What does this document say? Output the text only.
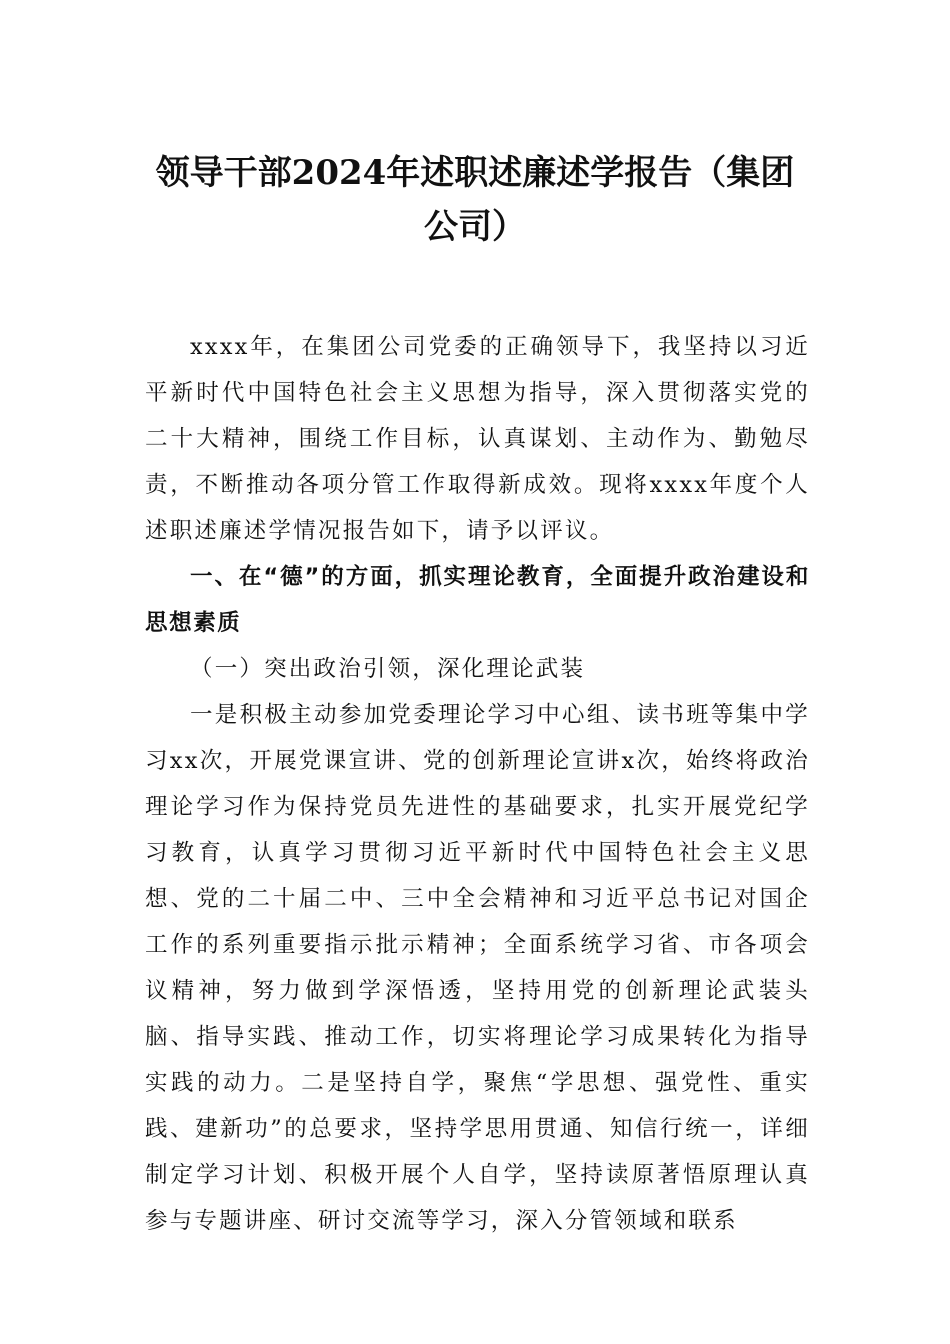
领导干部2024年述职述廉述学报告（集团公司）

xxxx年，在集团公司党委的正确领导下，我坚持以习近平新时代中国特色社会主义思想为指导，深入贯彻落实党的二十大精神，围绕工作目标，认真谋划、主动作为、勤勉尽责，不断推动各项分管工作取得新成效。现将xxxx年度个人述职述廉述学情况报告如下，请予以评议。

一、在“德”的方面，抓实理论教育，全面提升政治建设和思想素质

（一）突出政治引领，深化理论武装

一是积极主动参加党委理论学习中心组、读书班等集中学习xx次，开展党课宣讲、党的创新理论宣讲x次，始终将政治理论学习作为保持党员先进性的基础要求，扎实开展党纪学习教育，认真学习贯彻习近平新时代中国特色社会主义思想、党的二十届二中、三中全会精神和习近平总书记对国企工作的系列重要指示批示精神；全面系统学习省、市各项会议精神，努力做到学深悟透，坚持用党的创新理论武装头脑、指导实践、推动工作，切实将理论学习成果转化为指导实践的动力。二是坚持自学，聚焦“学思想、强党性、重实践、建新功”的总要求，坚持学思用贯通、知信行统一，详细制定学习计划、积极开展个人自学，坚持读原著悟原理认真参与专题讲座、研讨交流等学习，深入分管领域和联系
